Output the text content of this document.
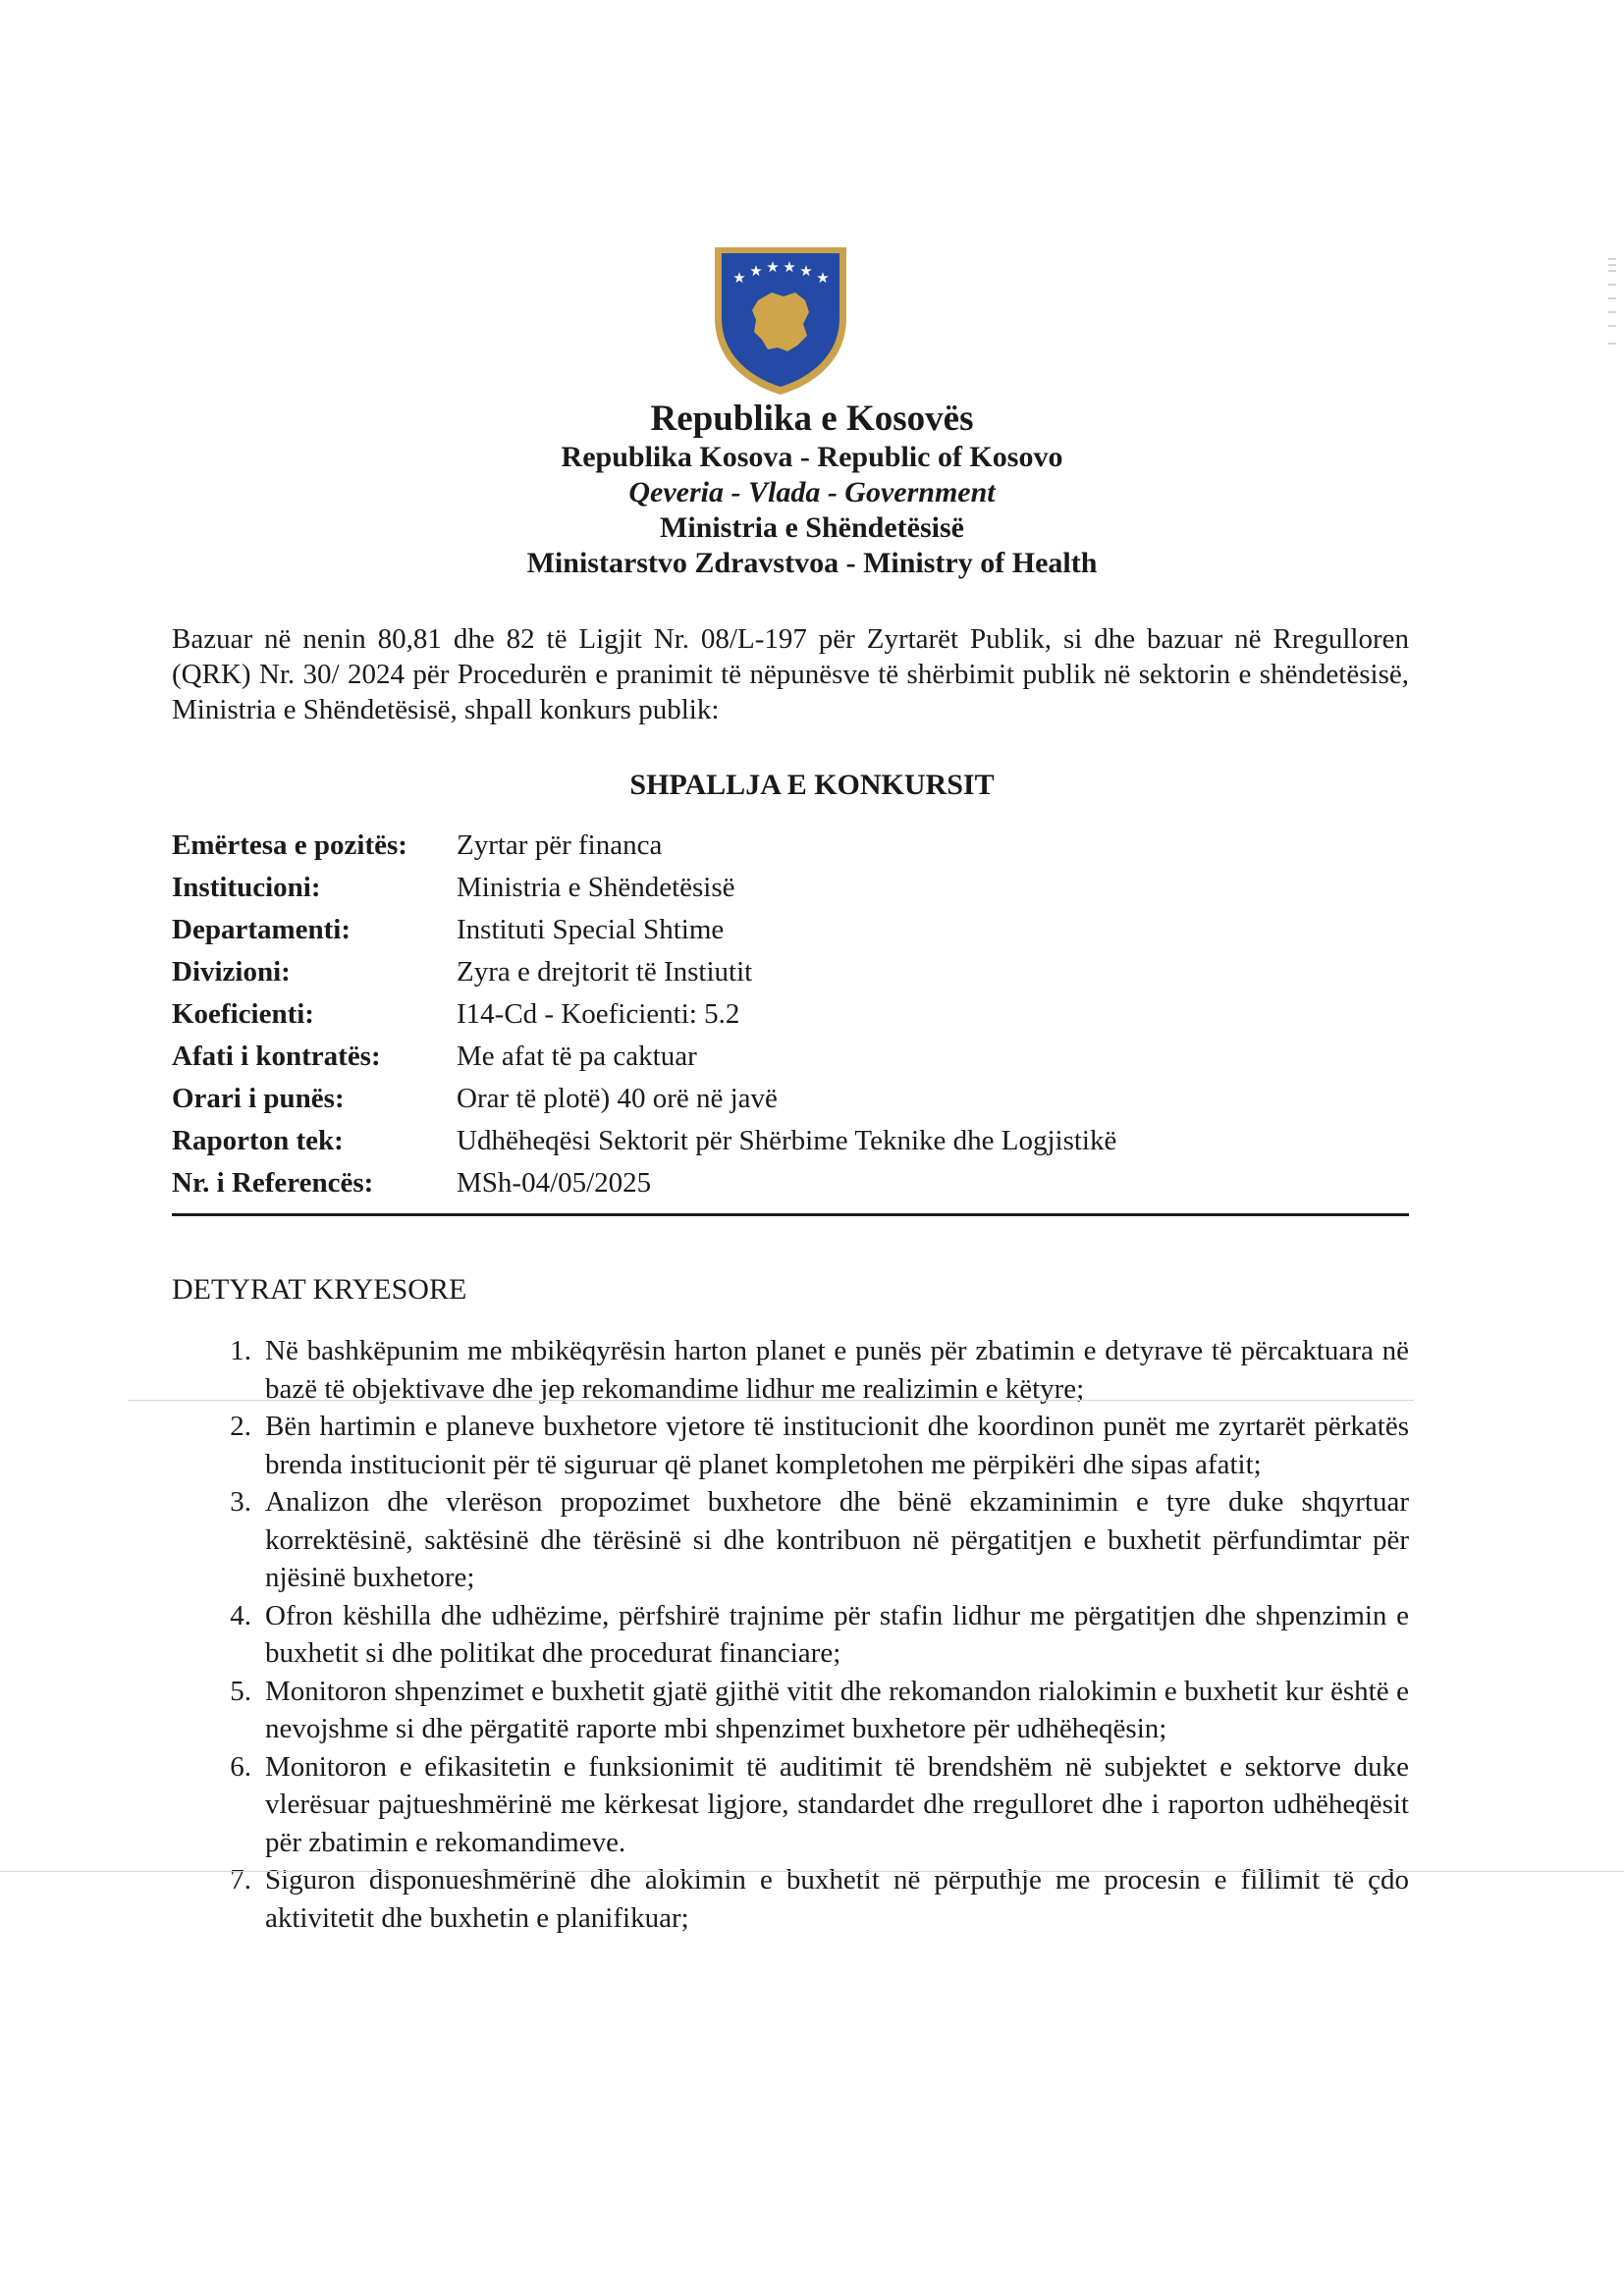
★ ★ ★ ★ ★ ★
Republika e Kosovës
Republika Kosova - Republic of Kosovo
Qeveria - Vlada - Government
Ministria e Shëndetësisë
Ministarstvo Zdravstvoa - Ministry of Health
Bazuar në nenin 80,81 dhe 82 të Ligjit Nr. 08/L-197 për Zyrtarët Publik, si dhe bazuar në Rregulloren (QRK) Nr. 30/ 2024 për Procedurën e pranimit të nëpunësve të shërbimit publik në sektorin e shëndetësisë, Ministria e Shëndetësisë, shpall konkurs publik:
SHPALLJA E KONKURSIT
Emërtesa e pozitës:	Zyrtar për financa
Institucioni:	Ministria e Shëndetësisë
Departamenti:	Instituti Special Shtime
Divizioni:	Zyra e drejtorit të Instiutit
Koeficienti:	I14-Cd - Koeficienti: 5.2
Afati i kontratës:	Me afat të pa caktuar
Orari i punës:	Orar të plotë) 40 orë në javë
Raporton tek:	Udhëheqësi Sektorit për Shërbime Teknike dhe Logjistikë
Nr. i Referencës:	MSh-04/05/2025
DETYRAT KRYESORE
1. Në bashkëpunim me mbikëqyrësin harton planet e punës për zbatimin e detyrave të përcaktuara në bazë të objektivave dhe jep rekomandime lidhur me realizimin e këtyre;
2. Bën hartimin e planeve buxhetore vjetore të institucionit dhe koordinon punët me zyrtarët përkatës brenda institucionit për të siguruar që planet kompletohen me përpikëri dhe sipas afatit;
3. Analizon dhe vlerëson propozimet buxhetore dhe bënë ekzaminimin e tyre duke shqyrtuar korrektësinë, saktësinë dhe tërësinë si dhe kontribuon në përgatitjen e buxhetit përfundimtar për njësinë buxhetore;
4. Ofron këshilla dhe udhëzime, përfshirë trajnime për stafin lidhur me përgatitjen dhe shpenzimin e buxhetit si dhe politikat dhe procedurat financiare;
5. Monitoron shpenzimet e buxhetit gjatë gjithë vitit dhe rekomandon rialokimin e buxhetit kur është e nevojshme si dhe përgatitë raporte mbi shpenzimet buxhetore për udhëheqësin;
6. Monitoron e efikasitetin e funksionimit të auditimit të brendshëm në subjektet e sektorve duke vlerësuar pajtueshmërinë me kërkesat ligjore, standardet dhe rregulloret dhe i raporton udhëheqësit për zbatimin e rekomandimeve.
7. Siguron disponueshmërinë dhe alokimin e buxhetit në përputhje me procesin e fillimit të çdo aktivitetit dhe buxhetin e planifikuar;
